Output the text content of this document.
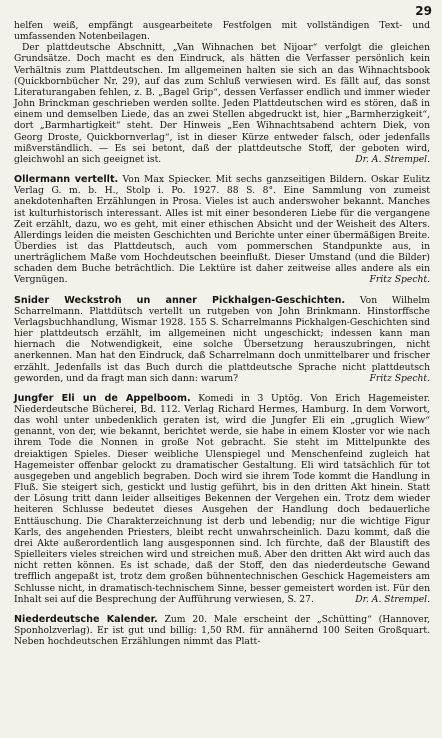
29

helfen weiß, empfängt ausgearbeitete Festfolgen mit vollständigen Text- und umfassenden Notenbeilagen.

Der plattdeutsche Abschnitt, „Van Wihnachen bet Nijoar“ verfolgt die gleichen Grundsätze. Doch macht es den Eindruck, als hätten die Verfasser persönlich kein Verhältnis zum Plattdeutschen. Im allgemeinen halten sie sich an das Wihnachtsbook (Quickbornbücher Nr. 29), auf das zum Schluß verwiesen wird. Es fällt auf, das sonst Literaturangaben fehlen, z. B. „Bagel Grip“, dessen Verfasser endlich und immer wieder John Brinckman geschrieben werden sollte. Jeden Plattdeutschen wird es stören, daß in einem und demselben Liede, das an zwei Stellen abgedruckt ist, hier „Barmherzigkeit“, dort „Barmhartigkeit“ steht. Der Hinweis „Een Wihnachtsabend achtern Diek, von Georg Droste, Quickbornverlag“, ist in dieser Kürze entweder falsch, oder jedenfalls mißverständlich. — Es sei betont, daß der plattdeutsche Stoff, der geboten wird, gleichwohl an sich geeignet ist.	Dr. A. Strempel.

Ollermann vertellt. Von Max Spiecker. Mit sechs ganzseitigen Bildern. Oskar Eulitz Verlag G. m. b. H., Stolp i. Po. 1927. 88 S. 8°. Eine Sammlung von zumeist anekdotenhaften Erzählungen in Prosa. Vieles ist auch anderswoher bekannt. Manches ist kulturhistorisch interessant. Alles ist mit einer besonderen Liebe für die vergangene Zeit erzählt, dazu, wo es geht, mit einer ethischen Absicht und der Weisheit des Alters. Allerdings leiden die meisten Geschichten und Berichte unter einer übermäßigen Breite. Überdies ist das Plattdeutsch, auch vom pommerschen Standpunkte aus, in unerträglichem Maße vom Hochdeutschen beeinflußt. Dieser Umstand (und die Bilder) schaden dem Buche beträchtlich. Die Lektüre ist daher zeitweise alles andere als ein Vergnügen.	Fritz Specht.
Snider Weckstroh un anner Pickhalgen-Geschichten. Von Wilhelm Scharrelmann. Plattdütsch vertellt un rutgeben von John Brinkmann. Hinstorffsche Verlagsbuchhandlung, Wismar 1928. 155 S. Scharrelmanns Pickhalgen-Geschichten sind hier plattdeutsch erzählt, im allgemeinen nicht ungeschickt; indessen kann man hiernach die Notwendigkeit, eine solche Übersetzung herauszubringen, nicht anerkennen. Man hat den Eindruck, daß Scharrelmann doch unmittelbarer und frischer erzählt. Jedenfalls ist das Buch durch die plattdeutsche Sprache nicht plattdeutsch geworden, und da fragt man sich dann: warum?	Fritz Specht.
Jungfer Eli un de Appelboom. Komedi in 3 Uptög. Von Erich Hagemeister. Niederdeutsche Bücherei, Bd. 112. Verlag Richard Hermes, Hamburg. In dem Vorwort, das wohl unter unbedenklich geraten ist, wird die Jungfer Eli ein „gruglich Wiew“ genannt, von der, wie bekannt, berichtet werde, sie habe in einem Kloster vor wie nach ihrem Tode die Nonnen in große Not gebracht. Sie steht im Mittelpunkte des dreiaktigen Spieles. Dieser weibliche Ulenspiegel und Menschenfeind zugleich hat Hagemeister offenbar gelockt zu dramatischer Gestaltung. Eli wird tatsächlich für tot ausgegeben und angeblich begraben. Doch wird sie ihrem Tode kommt die Handlung in Fluß. Sie steigert sich, gestickt und lustig geführt, bis in den dritten Akt hinein. Statt der Lösung tritt dann leider allseitiges Bekennen der Vergehen ein. Trotz dem wieder heiteren Schlusse bedeutet dieses Ausgehen der Handlung doch bedauerliche Enttäuschung. Die Charakterzeichnung ist derb und lebendig; nur die wichtige Figur Karls, des angehenden Priesters, bleibt recht unwahrscheinlich. Dazu kommt, daß die drei Akte außerordentlich lang ausgesponnen sind. Ich fürchte, daß der Blaustift des Spielleiters vieles streichen wird und streichen muß. Aber den dritten Akt wird auch das nicht retten können. Es ist schade, daß der Stoff, den das niederdeutsche Gewand trefflich angepaßt ist, trotz dem großen bühnentechnischen Geschick Hagemeisters am Schlusse nicht, in dramatisch-technischem Sinne, besser gemeistert worden ist. Für den Inhalt sei auf die Besprechung der Aufführung verwiesen, S. 27.	Dr. A. Strempel.
Niederdeutsche Kalender. Zum 20. Male erscheint der „Schütting“ (Hannover, Sponholzverlag). Er ist gut und billig: 1,50 RM. für annähernd 100 Seiten Großquart. Neben hochdeutschen Erzählungen nimmt das Platt-
